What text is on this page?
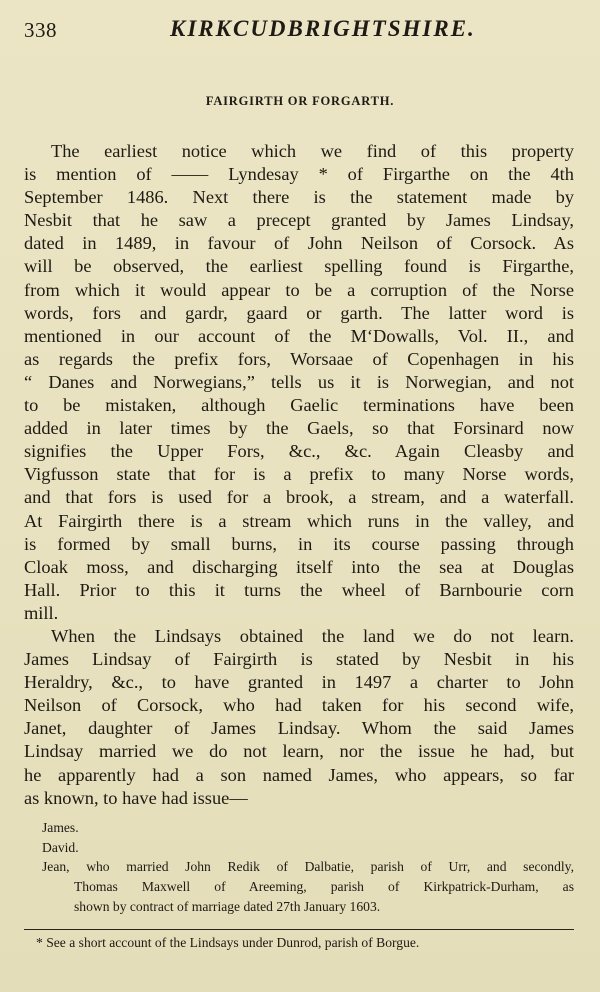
338	KIRKCUDBRIGHTSHIRE.
FAIRGIRTH OR FORGARTH.
The earliest notice which we find of this property
is mention of —— Lyndesay * of Firgarthe on the 4th
September 1486. Next there is the statement made by
Nesbit that he saw a precept granted by James Lindsay,
dated in 1489, in favour of John Neilson of Corsock. As
will be observed, the earliest spelling found is Firgarthe,
from which it would appear to be a corruption of the Norse
words, fors and gardr, gaard or garth. The latter word is
mentioned in our account of the M‘Dowalls, Vol. II., and
as regards the prefix fors, Worsaae of Copenhagen in his
“ Danes and Norwegians,” tells us it is Norwegian, and not
to be mistaken, although Gaelic terminations have been
added in later times by the Gaels, so that Forsinard now
signifies the Upper Fors, &c., &c. Again Cleasby and
Vigfusson state that for is a prefix to many Norse words,
and that fors is used for a brook, a stream, and a waterfall.
At Fairgirth there is a stream which runs in the valley, and
is formed by small burns, in its course passing through
Cloak moss, and discharging itself into the sea at Douglas
Hall. Prior to this it turns the wheel of Barnbourie corn
mill.
When the Lindsays obtained the land we do not learn.
James Lindsay of Fairgirth is stated by Nesbit in his
Heraldry, &c., to have granted in 1497 a charter to John
Neilson of Corsock, who had taken for his second wife,
Janet, daughter of James Lindsay. Whom the said James
Lindsay married we do not learn, nor the issue he had, but
he apparently had a son named James, who appears, so far
as known, to have had issue—
James.
David.
Jean, who married John Redik of Dalbatie, parish of Urr, and secondly,
Thomas Maxwell of Areeming, parish of Kirkpatrick-Durham, as
shown by contract of marriage dated 27th January 1603.
* See a short account of the Lindsays under Dunrod, parish of Borgue.
